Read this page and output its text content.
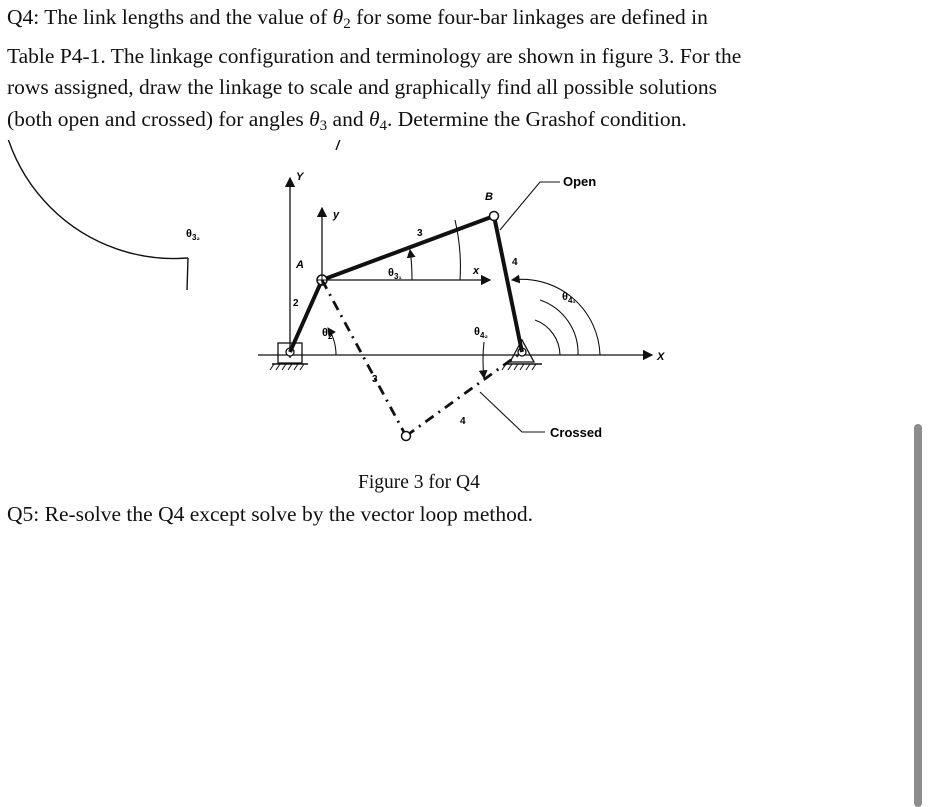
Q4: The link lengths and the value of $\theta_2$ for some four-bar linkages are defined in
Table P4-1. The linkage configuration and terminology are shown in figure 3. For the
rows assigned, draw the linkage to scale and graphically find all possible solutions
(both open and crossed) for angles $\theta_3$ and $\theta_4$. Determine the Grashof condition.

Open
Crossed
B
A
Y
y
X
x
2
3
4
3
4
$\theta_2$
$\theta_{3_1}$
$\theta_{3_2}$
$\theta_{4_1}$
$\theta_{4_2}$
Figure 3 for Q4
Q5: Re-solve the Q4 except solve by the vector loop method.
